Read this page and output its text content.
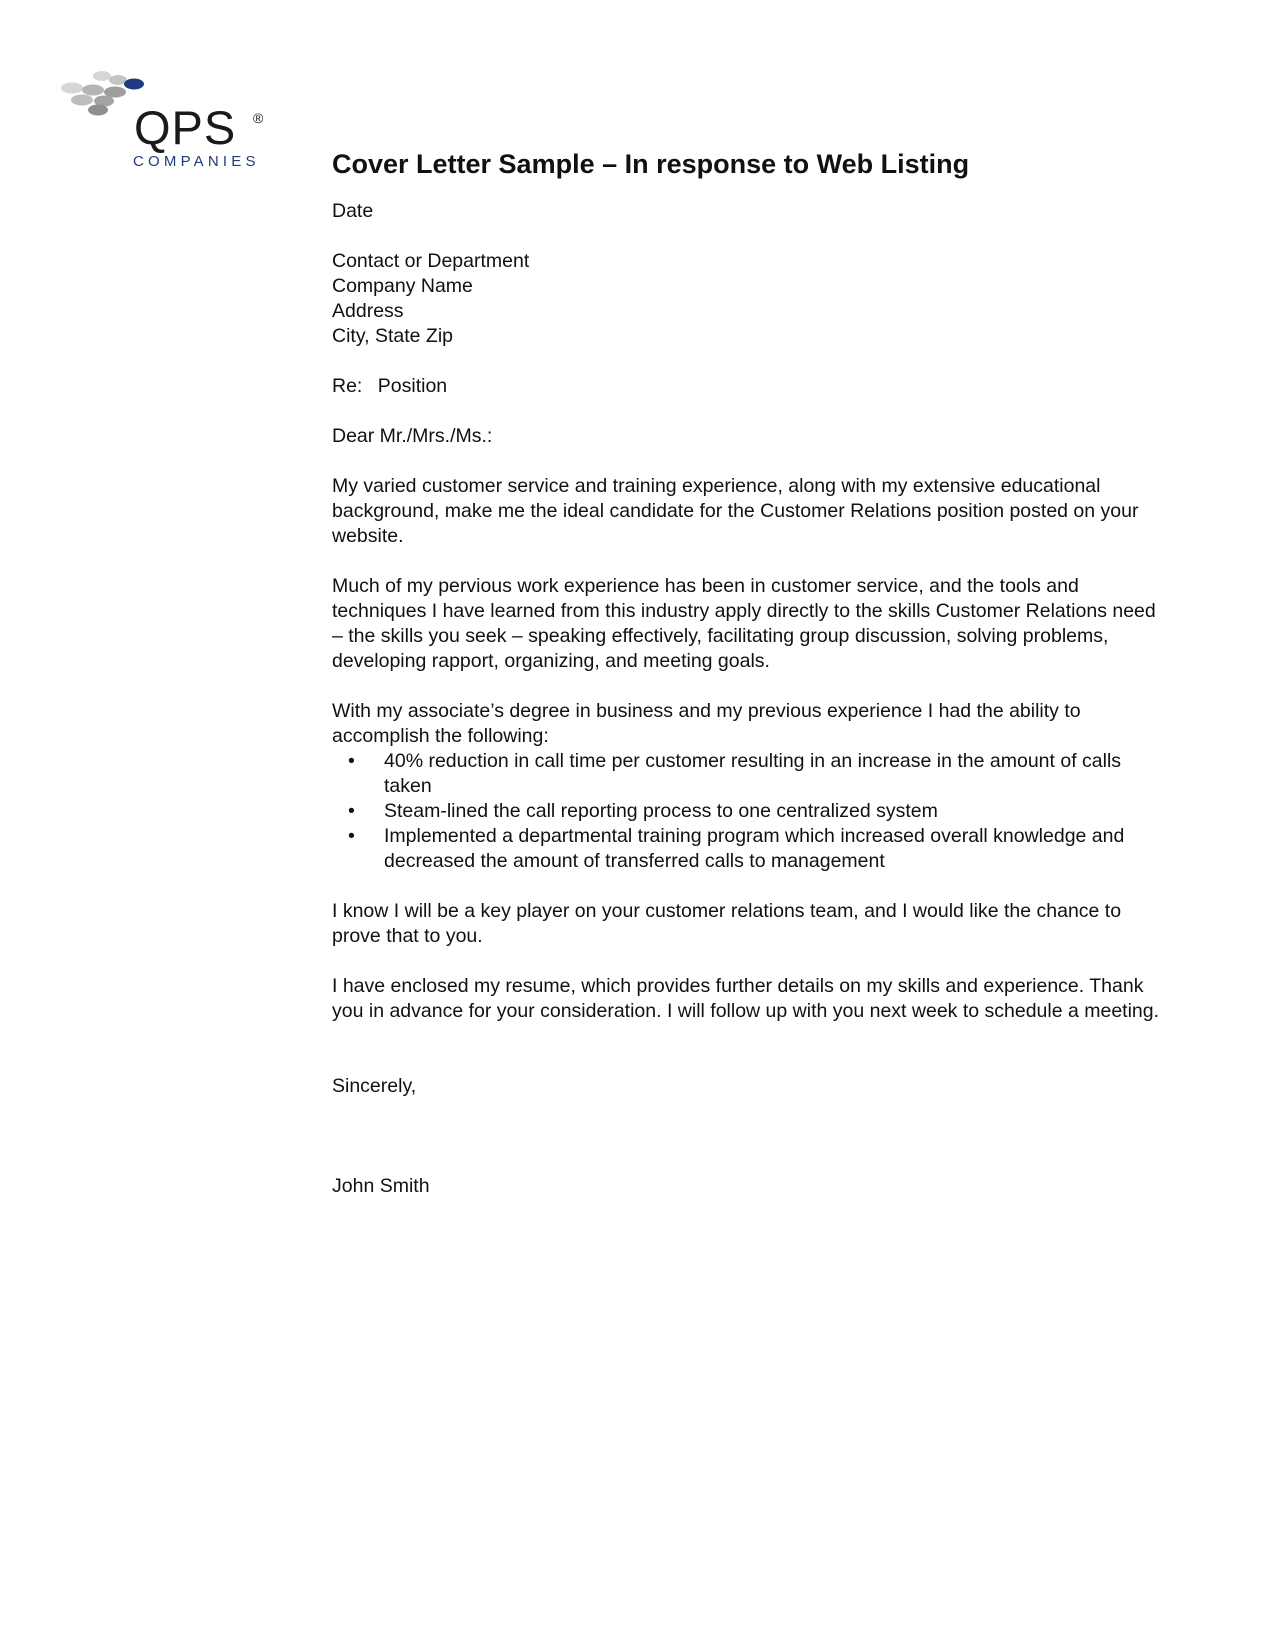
QPS ®
COMPANIES	Cover Letter Sample – In response to Web Listing

Date

Contact or Department

Company Name

Address

City, State Zip

Re: Position

Dear Mr./Mrs./Ms.:

My varied customer service and training experience, along with my extensive educational background, make me the ideal candidate for the Customer Relations position posted on your website.

Much of my pervious work experience has been in customer service, and the tools and techniques I have learned from this industry apply directly to the skills Customer Relations need – the skills you seek – speaking effectively, facilitating group discussion, solving problems, developing rapport, organizing, and meeting goals.

With my associate’s degree in business and my previous experience I had the ability to accomplish the following:

• 40% reduction in call time per customer resulting in an increase in the amount of calls taken
• Steam-lined the call reporting process to one centralized system
• Implemented a departmental training program which increased overall knowledge and decreased the amount of transferred calls to management

I know I will be a key player on your customer relations team, and I would like the chance to prove that to you.

I have enclosed my resume, which provides further details on my skills and experience. Thank you in advance for your consideration. I will follow up with you next week to schedule a meeting.

Sincerely,

John Smith
